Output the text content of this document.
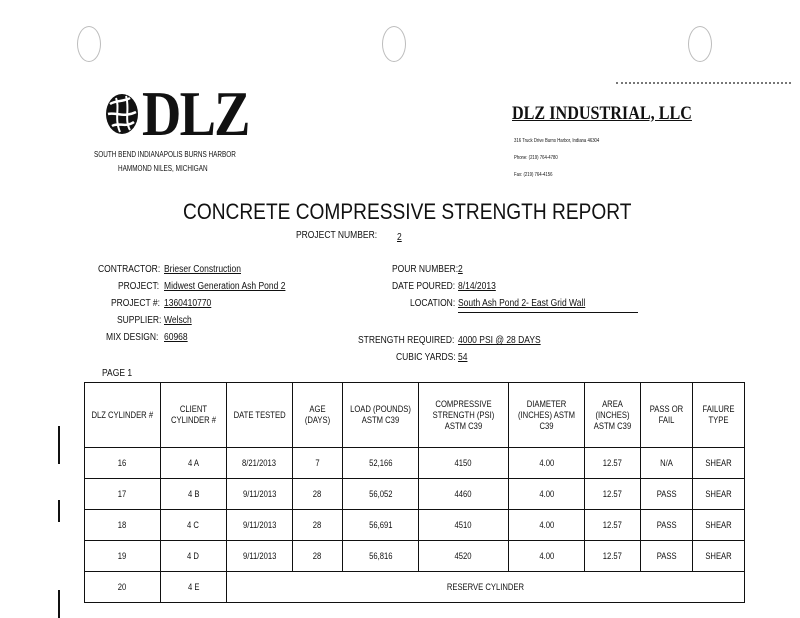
DLZ
SOUTH BEND INDIANAPOLIS BURNS HARBOR
HAMMOND NILES, MICHIGAN
DLZ INDUSTRIAL, LLC
316 Truck Drive Burns Harbor, Indiana 46304
Phone: (219) 764-4780
Fax: (219) 764-4156
CONCRETE COMPRESSIVE STRENGTH REPORT
PROJECT NUMBER: 2
CONTRACTOR: Brieser Construction
PROJECT: Midwest Generation Ash Pond 2
PROJECT #: 1360410770
SUPPLIER: Welsch
MIX DESIGN: 60968
POUR NUMBER: 2
DATE POURED: 8/14/2013
LOCATION: South Ash Pond 2- East Grid Wall
STRENGTH REQUIRED: 4000 PSI @ 28 DAYS
CUBIC YARDS: 54
PAGE 1
DLZ CYLINDER #	CLIENT CYLINDER #	DATE TESTED	AGE (DAYS)	LOAD (POUNDS) ASTM C39	COMPRESSIVE STRENGTH (PSI) ASTM C39	DIAMETER (INCHES) ASTM C39	AREA (INCHES) ASTM C39	PASS OR FAIL	FAILURE TYPE
16	4 A	8/21/2013	7	52,166	4150	4.00	12.57	N/A	SHEAR
17	4 B	9/11/2013	28	56,052	4460	4.00	12.57	PASS	SHEAR
18	4 C	9/11/2013	28	56,691	4510	4.00	12.57	PASS	SHEAR
19	4 D	9/11/2013	28	56,816	4520	4.00	12.57	PASS	SHEAR
20	4 E	RESERVE CYLINDER							
